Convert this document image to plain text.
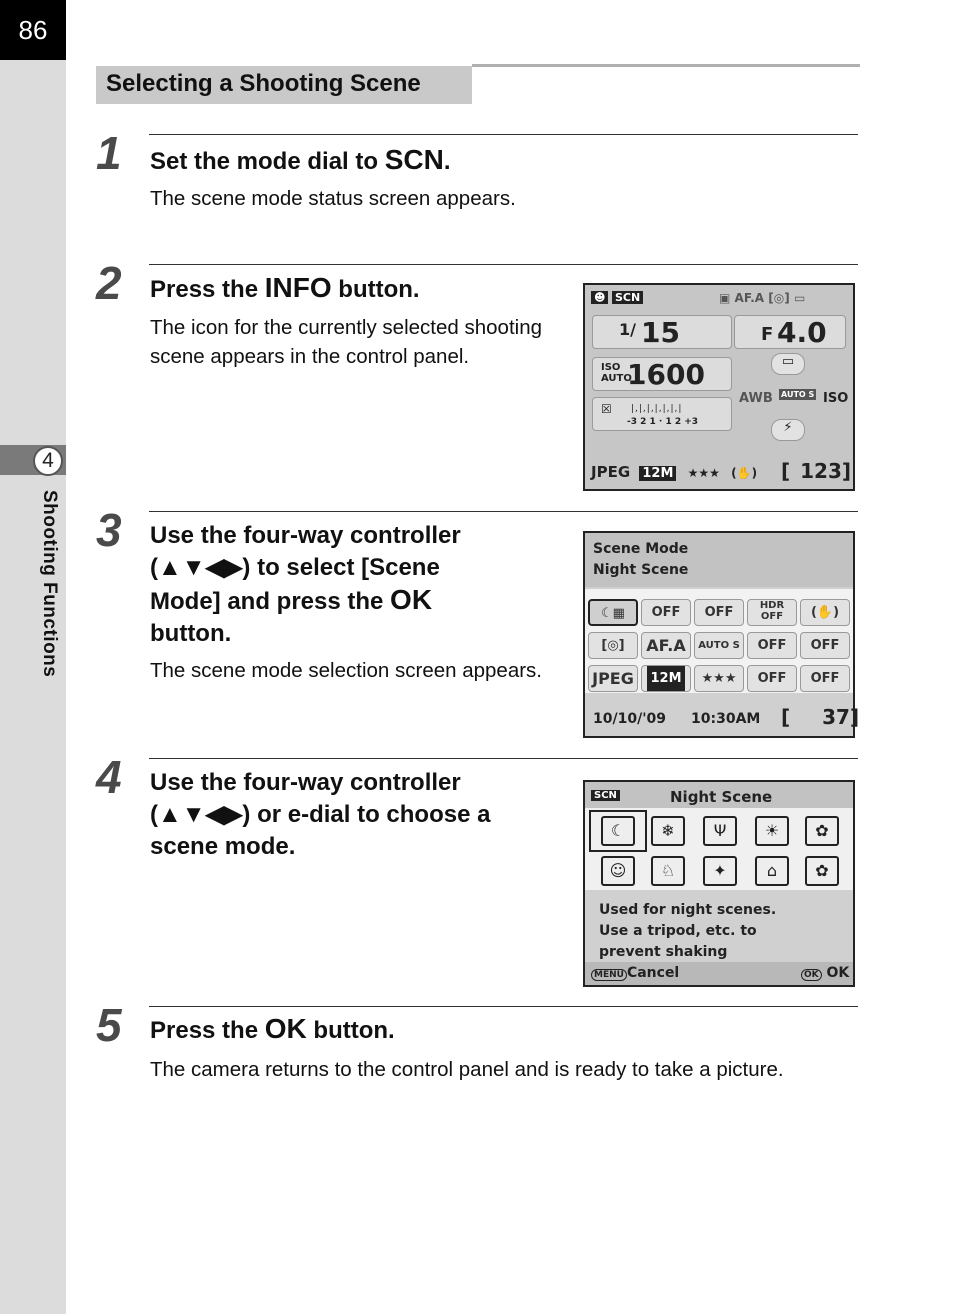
86
4
Shooting Functions
Selecting a Shooting Scene
1 Set the mode dial to SCN.
The scene mode status screen appears.
2 Press the INFO button.
The icon for the currently selected shooting scene appears in the control panel.
☻ SCN	▣ AF.A [◎] ▭
1/ 15	F 4.0
ISO
AUTO
1600
☒ |,|,|,|,|,|,|
-3 2 1 · 1 2 +3
▭
AWB AUTO S ISO
⚡
JPEG 12M ★★★ (✋) [ 123]
3 Use the four-way controller
(▲▼◀▶) to select [Scene
Mode] and press the OK
button.
The scene mode selection screen appears.
Scene Mode
Night Scene
☾▦	OFF	OFF	HDR OFF	(✋)
[◎]	AF.A	AUTO S	OFF	OFF
JPEG	12M	★★★	OFF	OFF
10/10/'09 10:30AM [ 37]
4 Use the four-way controller
(▲▼◀▶) or e-dial to choose a
scene mode.
SCN	Night Scene
☾	❄	Ψ	☀	✿
☺	♘	✦	⌂	✿
Used for night scenes.
Use a tripod, etc. to
prevent shaking
MENU Cancel	OK OK
5 Press the OK button.
The camera returns to the control panel and is ready to take a picture.
